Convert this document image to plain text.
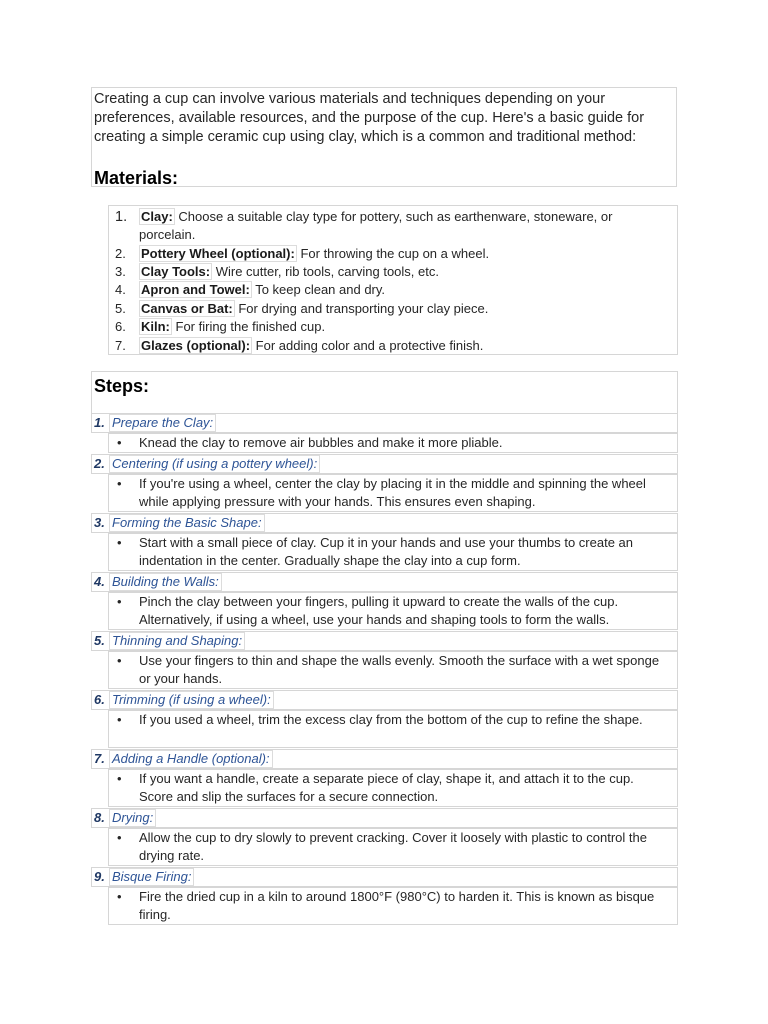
Creating a cup can involve various materials and techniques depending on your preferences, available resources, and the purpose of the cup. Here's a basic guide for creating a simple ceramic cup using clay, which is a common and traditional method:

Materials:
1.	Clay: Choose a suitable clay type for pottery, such as earthenware, stoneware, or porcelain.
2.	Pottery Wheel (optional): For throwing the cup on a wheel.
3.	Clay Tools: Wire cutter, rib tools, carving tools, etc.
4.	Apron and Towel: To keep clean and dry.
5.	Canvas or Bat: For drying and transporting your clay piece.
6.	Kiln: For firing the finished cup.
7.	Glazes (optional): For adding color and a protective finish.
Steps:
1. Prepare the Clay:
• Knead the clay to remove air bubbles and make it more pliable.
2. Centering (if using a pottery wheel):
• If you're using a wheel, center the clay by placing it in the middle and spinning the wheel while applying pressure with your hands. This ensures even shaping.
3. Forming the Basic Shape:
• Start with a small piece of clay. Cup it in your hands and use your thumbs to create an indentation in the center. Gradually shape the clay into a cup form.
4. Building the Walls:
• Pinch the clay between your fingers, pulling it upward to create the walls of the cup. Alternatively, if using a wheel, use your hands and shaping tools to form the walls.
5. Thinning and Shaping:
• Use your fingers to thin and shape the walls evenly. Smooth the surface with a wet sponge or your hands.
6. Trimming (if using a wheel):
• If you used a wheel, trim the excess clay from the bottom of the cup to refine the shape.
7. Adding a Handle (optional):
• If you want a handle, create a separate piece of clay, shape it, and attach it to the cup. Score and slip the surfaces for a secure connection.
8. Drying:
• Allow the cup to dry slowly to prevent cracking. Cover it loosely with plastic to control the drying rate.
9. Bisque Firing:
• Fire the dried cup in a kiln to around 1800°F (980°C) to harden it. This is known as bisque firing.
